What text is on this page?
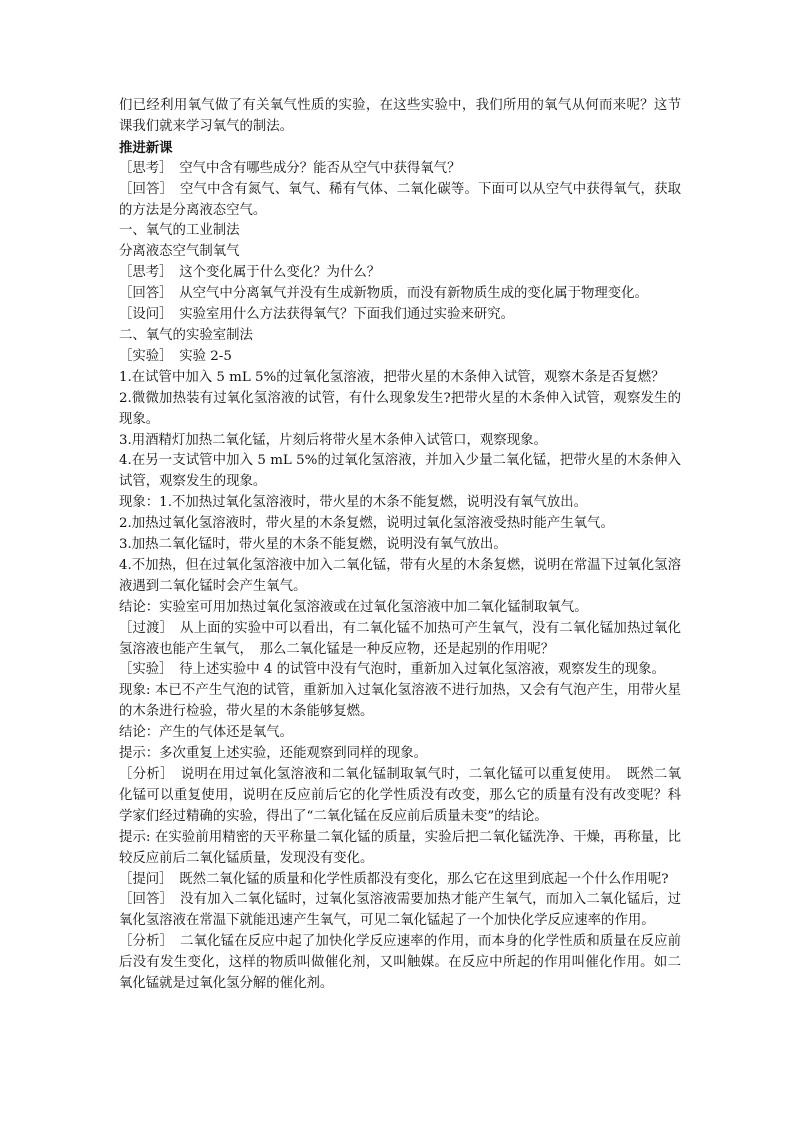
们已经利用氧气做了有关氧气性质的实验，在这些实验中，我们所用的氧气从何而来呢？这节课我们就来学习氧气的制法。

推进新课

［思考］　空气中含有哪些成分？能否从空气中获得氧气？

［回答］　空气中含有氮气、氧气、稀有气体、二氧化碳等。下面可以从空气中获得氧气，获取的方法是分离液态空气。

一、氧气的工业制法

分离液态空气制氧气

［思考］　这个变化属于什么变化？为什么？

［回答］　从空气中分离氧气并没有生成新物质，而没有新物质生成的变化属于物理变化。

［设问］　实验室用什么方法获得氧气？下面我们通过实验来研究。

二、氧气的实验室制法

［实验］　实验 2-5

1.在试管中加入 5 mL 5%的过氧化氢溶液，把带火星的木条伸入试管，观察木条是否复燃？

2.微微加热装有过氧化氢溶液的试管，有什么现象发生?把带火星的木条伸入试管，观察发生的现象。

3.用酒精灯加热二氧化锰，片刻后将带火星木条伸入试管口，观察现象。

4.在另一支试管中加入 5 mL 5%的过氧化氢溶液，并加入少量二氧化锰，把带火星的木条伸入试管，观察发生的现象。

现象：1.不加热过氧化氢溶液时，带火星的木条不能复燃，说明没有氧气放出。

2.加热过氧化氢溶液时，带火星的木条复燃，说明过氧化氢溶液受热时能产生氧气。

3.加热二氧化锰时，带火星的木条不能复燃，说明没有氧气放出。

4.不加热，但在过氧化氢溶液中加入二氧化锰，带有火星的木条复燃，说明在常温下过氧化氢溶液遇到二氧化锰时会产生氧气。

结论：实验室可用加热过氧化氢溶液或在过氧化氢溶液中加二氧化锰制取氧气。

［过渡］　从上面的实验中可以看出，有二氧化锰不加热可产生氧气，没有二氧化锰加热过氧化氢溶液也能产生氧气，　那么二氧化锰是一种反应物，还是起别的作用呢？

［实验］　待上述实验中 4 的试管中没有气泡时，重新加入过氧化氢溶液，观察发生的现象。

现象: 本已不产生气泡的试管，重新加入过氧化氢溶液不进行加热，又会有气泡产生，用带火星的木条进行检验，带火星的木条能够复燃。

结论：产生的气体还是氧气。

提示：多次重复上述实验，还能观察到同样的现象。

［分析］　说明在用过氧化氢溶液和二氧化锰制取氧气时，二氧化锰可以重复使用。　既然二氧化锰可以重复使用，说明在反应前后它的化学性质没有改变，那么它的质量有没有改变呢？科学家们经过精确的实验，得出了“二氧化锰在反应前后质量未变”的结论。

提示: 在实验前用精密的天平称量二氧化锰的质量，实验后把二氧化锰洗净、干燥，再称量，比较反应前后二氧化锰质量，发现没有变化。

［提问］　既然二氧化锰的质量和化学性质都没有变化，那么它在这里到底起一个什么作用呢?

［回答］　没有加入二氧化锰时，过氧化氢溶液需要加热才能产生氧气，而加入二氧化锰后，过氧化氢溶液在常温下就能迅速产生氧气，可见二氧化锰起了一个加快化学反应速率的作用。

［分析］　二氧化锰在反应中起了加快化学反应速率的作用，而本身的化学性质和质量在反应前后没有发生变化，这样的物质叫做催化剂，又叫触媒。在反应中所起的作用叫催化作用。如二氧化锰就是过氧化氢分解的催化剂。
